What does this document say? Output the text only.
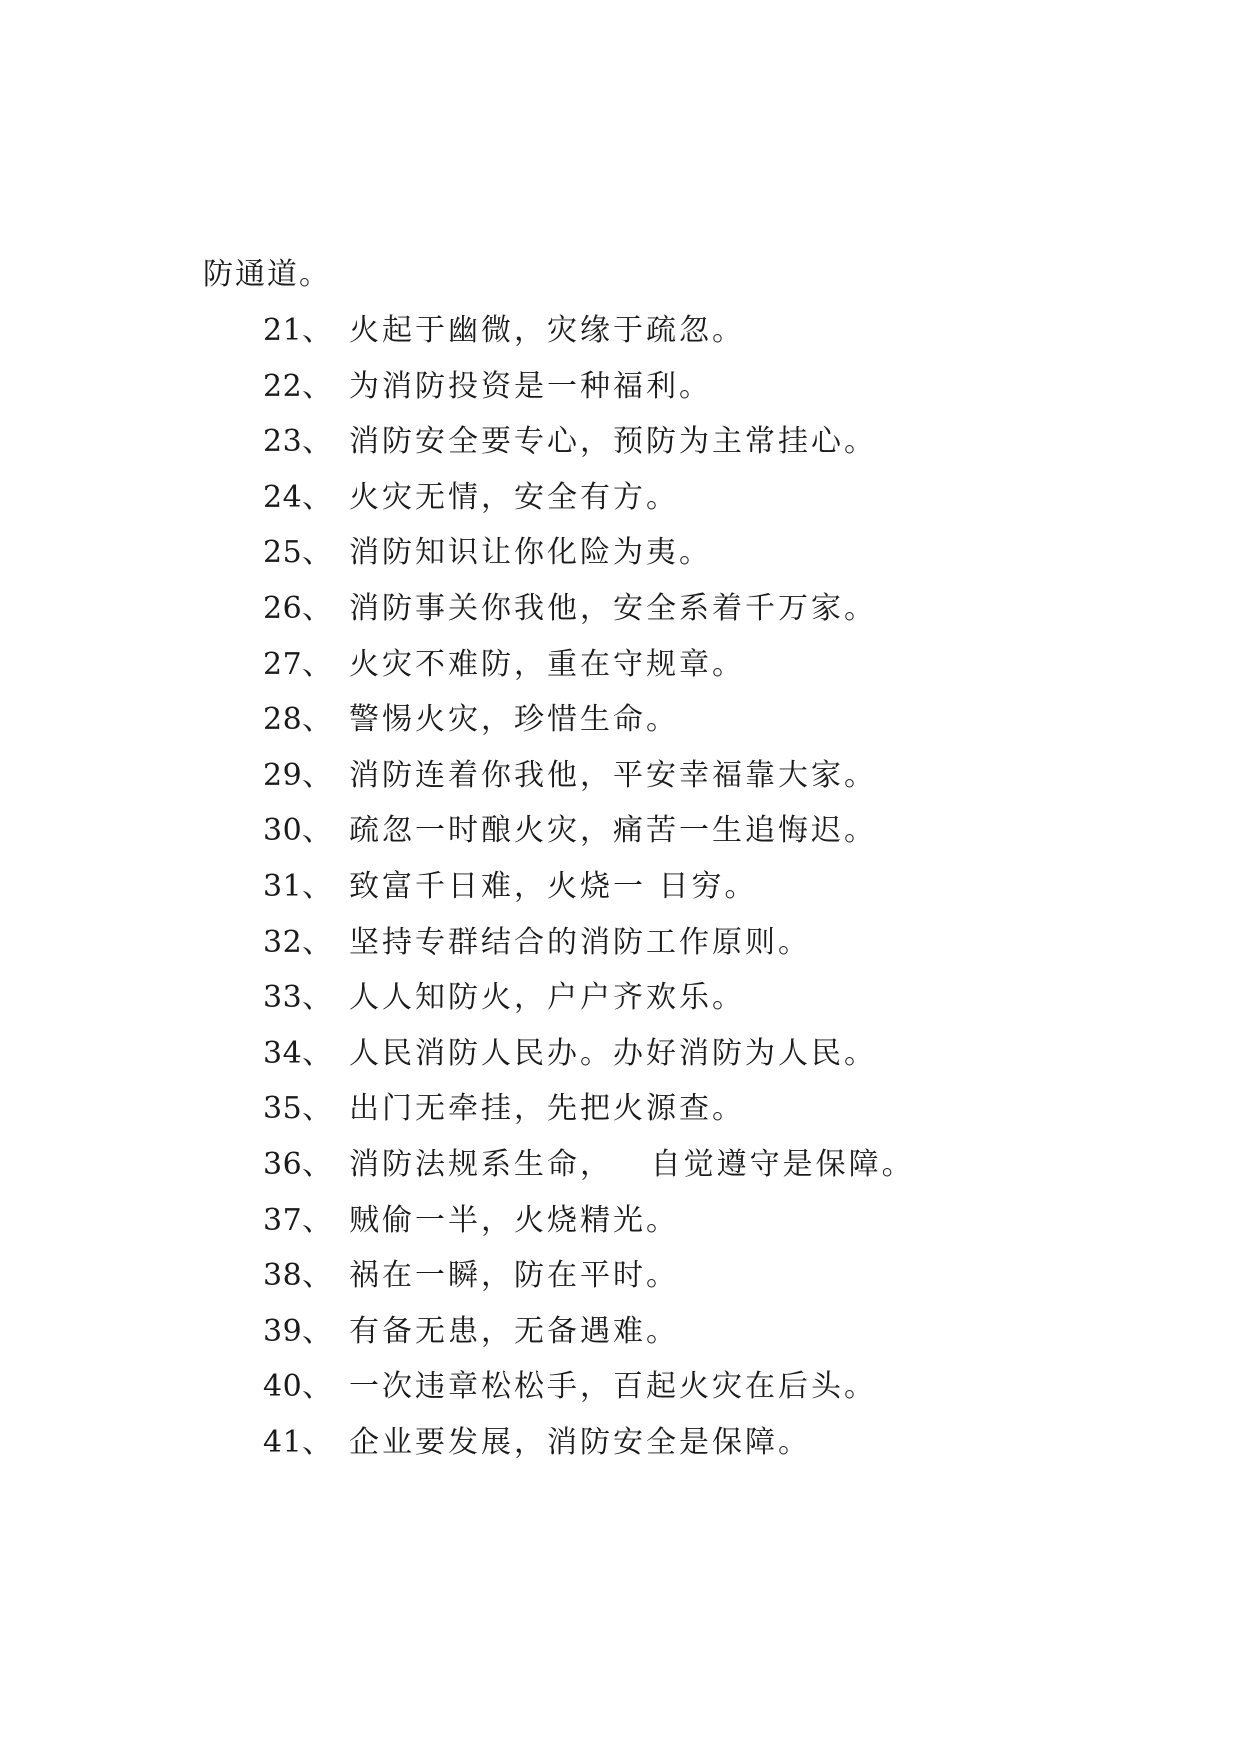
防通道。
21、 火起于幽微，灾缘于疏忽。
22、 为消防投资是一种福利。
23、 消防安全要专心，预防为主常挂心。
24、 火灾无情，安全有方。
25、 消防知识让你化险为夷。
26、 消防事关你我他，安全系着千万家。
27、 火灾不难防，重在守规章。
28、 警惕火灾，珍惜生命。
29、 消防连着你我他，平安幸福靠大家。
30、 疏忽一时酿火灾，痛苦一生追悔迟。
31、 致富千日难，火烧一 日穷。
32、 坚持专群结合的消防工作原则。
33、 人人知防火，户户齐欢乐。
34、 人民消防人民办。办好消防为人民。
35、 出门无牵挂，先把火源查。
36、 消防法规系生命，   自觉遵守是保障。
37、 贼偷一半，火烧精光。
38、 祸在一瞬，防在平时。
39、 有备无患，无备遇难。
40、 一次违章松松手，百起火灾在后头。
41、 企业要发展，消防安全是保障。
